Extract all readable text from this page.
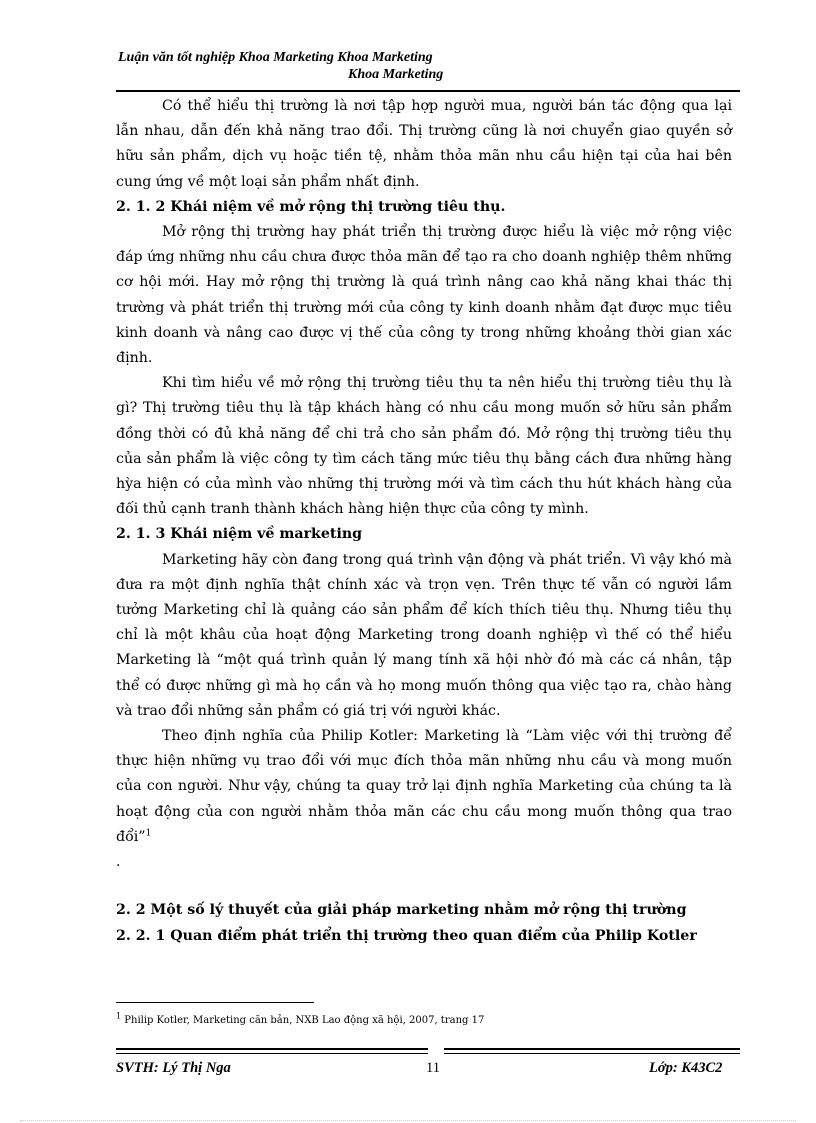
Luận văn tốt nghiệp Khoa Marketing Khoa Marketing
Khoa Marketing

Có thể hiểu thị trường là nơi tập hợp người mua, người bán tác động qua lại lẫn nhau, dẫn đến khả năng trao đổi. Thị trường cũng là nơi chuyển giao quyền sở hữu sản phẩm, dịch vụ hoặc tiền tệ, nhằm thỏa mãn nhu cầu hiện tại của hai bên cung ứng về một loại sản phẩm nhất định.

2. 1. 2 Khái niệm về mở rộng thị trường tiêu thụ.

Mở rộng thị trường hay phát triển thị trường được hiểu là việc mở rộng việc đáp ứng những nhu cầu chưa được thỏa mãn để tạo ra cho doanh nghiệp thêm những cơ hội mới. Hay mở rộng thị trường là quá trình nâng cao khả năng khai thác thị trường và phát triển thị trường mới của công ty kinh doanh nhằm đạt được mục tiêu kinh doanh và nâng cao được vị thế của công ty trong những khoảng thời gian xác định.

Khi tìm hiểu về mở rộng thị trường tiêu thụ ta nên hiểu thị trường tiêu thụ là gì? Thị trường tiêu thụ là tập khách hàng có nhu cầu mong muốn sở hữu sản phẩm đồng thời có đủ khả năng để chi trả cho sản phẩm đó. Mở rộng thị trường tiêu thụ của sản phẩm là việc công ty tìm cách tăng mức tiêu thụ bằng cách đưa những hàng hỳa hiện có của mình vào những thị trường mới và tìm cách thu hút khách hàng của đối thủ cạnh tranh thành khách hàng hiện thực của công ty mình.

2. 1. 3 Khái niệm về marketing

Marketing hãy còn đang trong quá trình vận động và phát triển. Vì vậy khó mà đưa ra một định nghĩa thật chính xác và trọn vẹn. Trên thực tế vẫn có người lầm tưởng Marketing chỉ là quảng cáo sản phẩm để kích thích tiêu thụ. Nhưng tiêu thụ chỉ là một khâu của hoạt động Marketing trong doanh nghiệp vì thế có thể hiểu Marketing là “một quá trình quản lý mang tính xã hội nhờ đó mà các cá nhân, tập thể có được những gì mà họ cần và họ mong muốn thông qua việc tạo ra, chào hàng và trao đổi những sản phẩm có giá trị với người khác.

Theo định nghĩa của Philip Kotler: Marketing là “Làm việc với thị trường để thực hiện những vụ trao đổi với mục đích thỏa mãn những nhu cầu và mong muốn của con người. Như vậy, chúng ta quay trở lại định nghĩa Marketing của chúng ta là hoạt động của con người nhằm thỏa mãn các chu cầu mong muốn thông qua trao đổi”$^1$

.

2. 2 Một số lý thuyết của giải pháp marketing nhằm mở rộng thị trường
2. 2. 1 Quan điểm phát triển thị trường theo quan điểm của Philip Kotler
$^1$ Philip Kotler, Marketing căn bản, NXB Lao động xã hội, 2007, trang 17
SVTH: Lý Thị Nga	11	Lớp: K43C2
